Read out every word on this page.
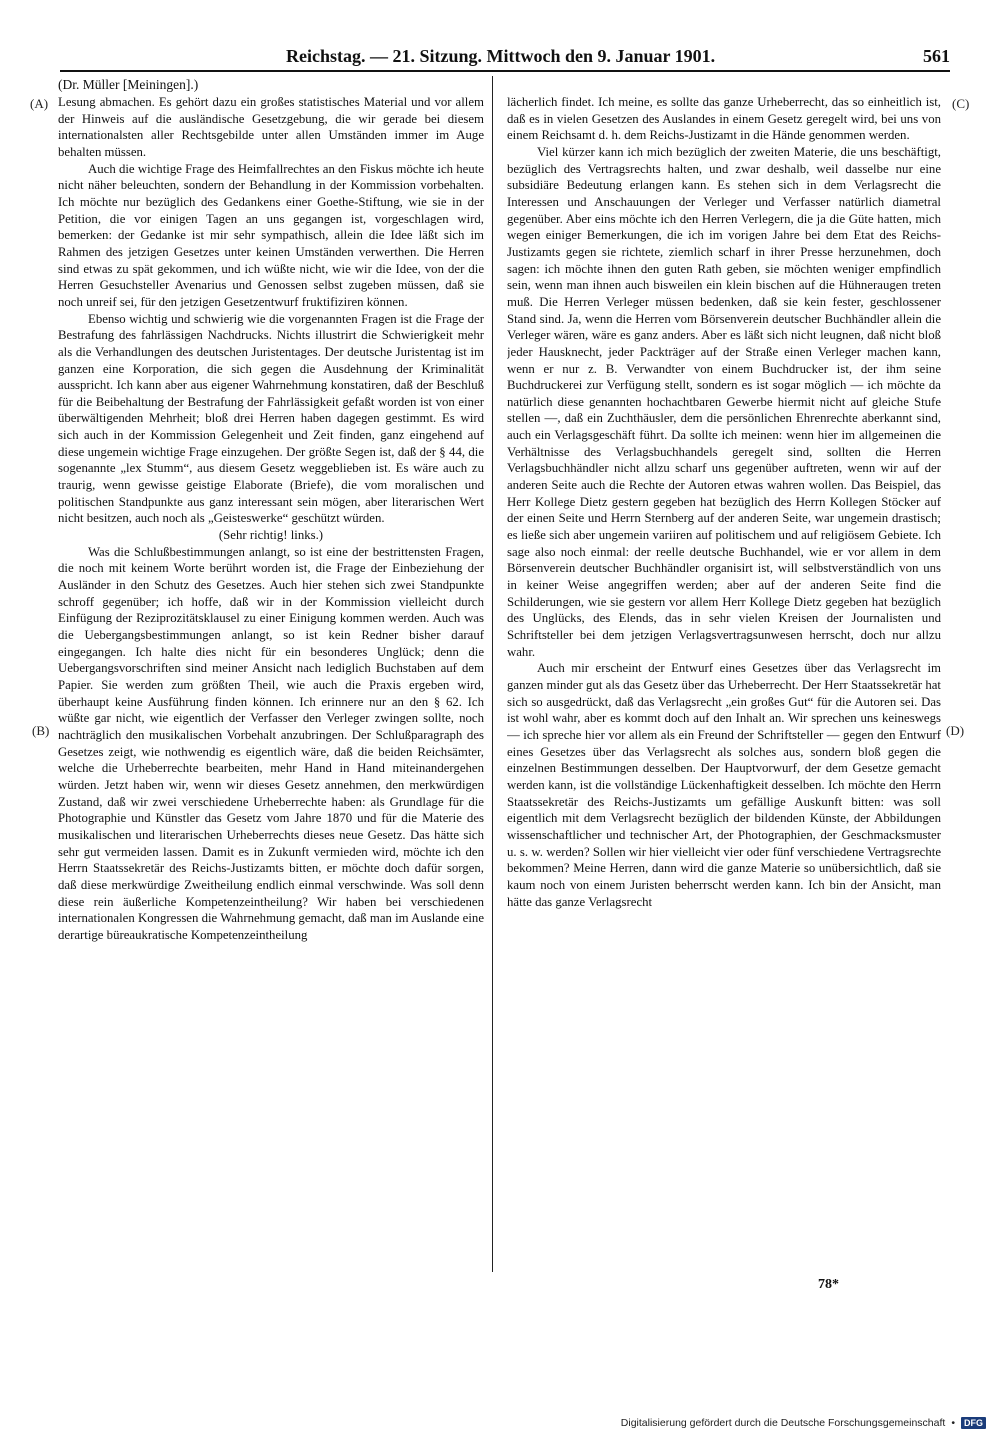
Reichstag. — 21. Sitzung. Mittwoch den 9. Januar 1901.	561
(Dr. Müller [Meiningen].)
(A)
(B)
(C)
(D)

Lesung abmachen. Es gehört dazu ein großes statistisches Material und vor allem der Hinweis auf die ausländische Gesetzgebung, die wir gerade bei diesem internationalsten aller Rechtsgebilde unter allen Umständen immer im Auge behalten müssen.

Auch die wichtige Frage des Heimfallrechtes an den Fiskus möchte ich heute nicht näher beleuchten, sondern der Behandlung in der Kommission vorbehalten. Ich möchte nur bezüglich des Gedankens einer Goethe-Stiftung, wie sie in der Petition, die vor einigen Tagen an uns gegangen ist, vorgeschlagen wird, bemerken: der Gedanke ist mir sehr sympathisch, allein die Idee läßt sich im Rahmen des jetzigen Gesetzes unter keinen Umständen verwerthen. Die Herren sind etwas zu spät gekommen, und ich wüßte nicht, wie wir die Idee, von der die Herren Gesuchsteller Avenarius und Genossen selbst zugeben müssen, daß sie noch unreif sei, für den jetzigen Gesetzentwurf fruktifiziren können.

Ebenso wichtig und schwierig wie die vorgenannten Fragen ist die Frage der Bestrafung des fahrlässigen Nachdrucks. Nichts illustrirt die Schwierigkeit mehr als die Verhandlungen des deutschen Juristentages. Der deutsche Juristentag ist im ganzen eine Korporation, die sich gegen die Ausdehnung der Kriminalität ausspricht. Ich kann aber aus eigener Wahrnehmung konstatiren, daß der Beschluß für die Beibehaltung der Bestrafung der Fahrlässigkeit gefaßt worden ist von einer überwältigenden Mehrheit; bloß drei Herren haben dagegen gestimmt. Es wird sich auch in der Kommission Gelegenheit und Zeit finden, ganz eingehend auf diese ungemein wichtige Frage einzugehen. Der größte Segen ist, daß der § 44, die sogenannte „lex Stumm“, aus diesem Gesetz weggeblieben ist. Es wäre auch zu traurig, wenn gewisse geistige Elaborate (Briefe), die vom moralischen und politischen Standpunkte aus ganz interessant sein mögen, aber literarischen Wert nicht besitzen, auch noch als „Geisteswerke“ geschützt würden.

(Sehr richtig! links.)

Was die Schlußbestimmungen anlangt, so ist eine der bestrittensten Fragen, die noch mit keinem Worte berührt worden ist, die Frage der Einbeziehung der Ausländer in den Schutz des Gesetzes. Auch hier stehen sich zwei Standpunkte schroff gegenüber; ich hoffe, daß wir in der Kommission vielleicht durch Einfügung der Reziprozitätsklausel zu einer Einigung kommen werden. Auch was die Uebergangsbestimmungen anlangt, so ist kein Redner bisher darauf eingegangen. Ich halte dies nicht für ein besonderes Unglück; denn die Uebergangsvorschriften sind meiner Ansicht nach lediglich Buchstaben auf dem Papier. Sie werden zum größten Theil, wie auch die Praxis ergeben wird, überhaupt keine Ausführung finden können. Ich erinnere nur an den § 62. Ich wüßte gar nicht, wie eigentlich der Verfasser den Verleger zwingen sollte, noch nachträglich den musikalischen Vorbehalt anzubringen. Der Schlußparagraph des Gesetzes zeigt, wie nothwendig es eigentlich wäre, daß die beiden Reichsämter, welche die Urheberrechte bearbeiten, mehr Hand in Hand miteinandergehen würden. Jetzt haben wir, wenn wir dieses Gesetz annehmen, den merkwürdigen Zustand, daß wir zwei verschiedene Urheberrechte haben: als Grundlage für die Photographie und Künstler das Gesetz vom Jahre 1870 und für die Materie des musikalischen und literarischen Urheberrechts dieses neue Gesetz. Das hätte sich sehr gut vermeiden lassen. Damit es in Zukunft vermieden wird, möchte ich den Herrn Staatssekretär des Reichs-Justizamts bitten, er möchte doch dafür sorgen, daß diese merkwürdige Zweitheilung endlich einmal verschwinde. Was soll denn diese rein äußerliche Kompetenzeintheilung? Wir haben bei verschiedenen internationalen Kongressen die Wahrnehmung gemacht, daß man im Auslande eine derartige büreaukratische Kompetenzeintheilung

lächerlich findet. Ich meine, es sollte das ganze Urheberrecht, das so einheitlich ist, daß es in vielen Gesetzen des Auslandes in einem Gesetz geregelt wird, bei uns von einem Reichsamt d. h. dem Reichs-Justizamt in die Hände genommen werden.

Viel kürzer kann ich mich bezüglich der zweiten Materie, die uns beschäftigt, bezüglich des Vertragsrechts halten, und zwar deshalb, weil dasselbe nur eine subsidiäre Bedeutung erlangen kann. Es stehen sich in dem Verlagsrecht die Interessen und Anschauungen der Verleger und Verfasser natürlich diametral gegenüber. Aber eins möchte ich den Herren Verlegern, die ja die Güte hatten, mich wegen einiger Bemerkungen, die ich im vorigen Jahre bei dem Etat des Reichs-Justizamts gegen sie richtete, ziemlich scharf in ihrer Presse herzunehmen, doch sagen: ich möchte ihnen den guten Rath geben, sie möchten weniger empfindlich sein, wenn man ihnen auch bisweilen ein klein bischen auf die Hühneraugen treten muß. Die Herren Verleger müssen bedenken, daß sie kein fester, geschlossener Stand sind. Ja, wenn die Herren vom Börsenverein deutscher Buchhändler allein die Verleger wären, wäre es ganz anders. Aber es läßt sich nicht leugnen, daß nicht bloß jeder Hausknecht, jeder Packträger auf der Straße einen Verleger machen kann, wenn er nur z. B. Verwandter von einem Buchdrucker ist, der ihm seine Buchdruckerei zur Verfügung stellt, sondern es ist sogar möglich — ich möchte da natürlich diese genannten hochachtbaren Gewerbe hiermit nicht auf gleiche Stufe stellen —, daß ein Zuchthäusler, dem die persönlichen Ehrenrechte aberkannt sind, auch ein Verlagsgeschäft führt. Da sollte ich meinen: wenn hier im allgemeinen die Verhältnisse des Verlagsbuchhandels geregelt sind, sollten die Herren Verlagsbuchhändler nicht allzu scharf uns gegenüber auftreten, wenn wir auf der anderen Seite auch die Rechte der Autoren etwas wahren wollen. Das Beispiel, das Herr Kollege Dietz gestern gegeben hat bezüglich des Herrn Kollegen Stöcker auf der einen Seite und Herrn Sternberg auf der anderen Seite, war ungemein drastisch; es ließe sich aber ungemein variiren auf politischem und auf religiösem Gebiete. Ich sage also noch einmal: der reelle deutsche Buchhandel, wie er vor allem in dem Börsenverein deutscher Buchhändler organisirt ist, will selbstverständlich von uns in keiner Weise angegriffen werden; aber auf der anderen Seite find die Schilderungen, wie sie gestern vor allem Herr Kollege Dietz gegeben hat bezüglich des Unglücks, des Elends, das in sehr vielen Kreisen der Journalisten und Schriftsteller bei dem jetzigen Verlagsvertragsunwesen herrscht, doch nur allzu wahr.

Auch mir erscheint der Entwurf eines Gesetzes über das Verlagsrecht im ganzen minder gut als das Gesetz über das Urheberrecht. Der Herr Staatssekretär hat sich so ausgedrückt, daß das Verlagsrecht „ein großes Gut“ für die Autoren sei. Das ist wohl wahr, aber es kommt doch auf den Inhalt an. Wir sprechen uns keineswegs — ich spreche hier vor allem als ein Freund der Schriftsteller — gegen den Entwurf eines Gesetzes über das Verlagsrecht als solches aus, sondern bloß gegen die einzelnen Bestimmungen desselben. Der Hauptvorwurf, der dem Gesetze gemacht werden kann, ist die vollständige Lückenhaftigkeit desselben. Ich möchte den Herrn Staatssekretär des Reichs-Justizamts um gefällige Auskunft bitten: was soll eigentlich mit dem Verlagsrecht bezüglich der bildenden Künste, der Abbildungen wissenschaftlicher und technischer Art, der Photographien, der Geschmacksmuster u. s. w. werden? Sollen wir hier vielleicht vier oder fünf verschiedene Vertragsrechte bekommen? Meine Herren, dann wird die ganze Materie so unübersichtlich, daß sie kaum noch von einem Juristen beherrscht werden kann. Ich bin der Ansicht, man hätte das ganze Verlagsrecht

78*
Digitalisierung gefördert durch die Deutsche Forschungsgemeinschaft •	DFG
